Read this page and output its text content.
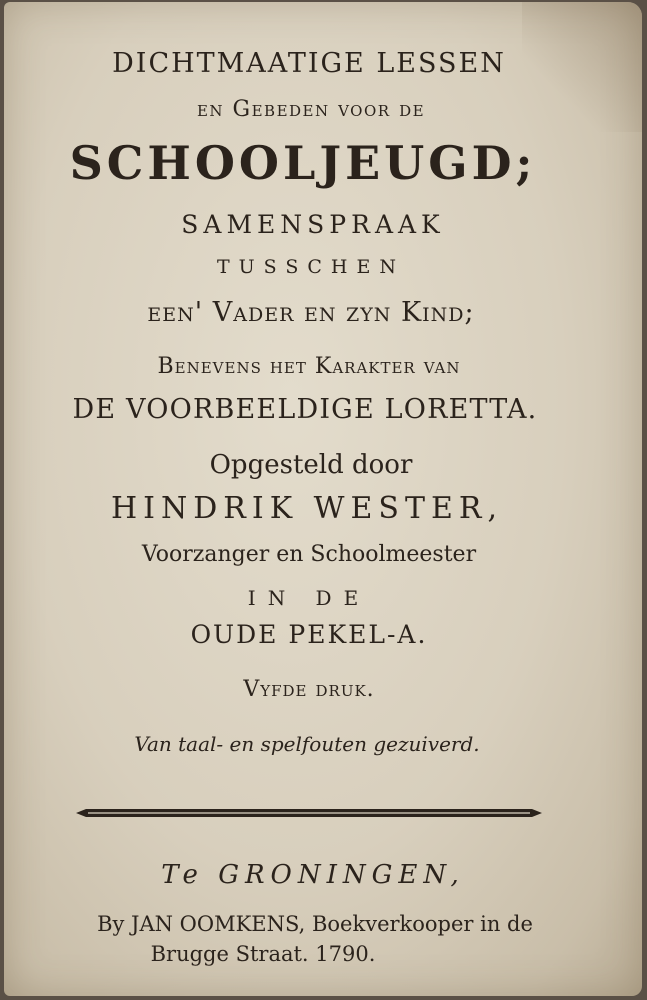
DICHTMAATIGE LESSEN
en Gebeden voor de
SCHOOLJEUGD;
SAMENSPRAAK
TUSSCHEN
een' Vader en zyn Kind;
Benevens het Karakter van
DE VOORBEELDIGE LORETTA.
Opgesteld door
HINDRIK WESTER,
Voorzanger en Schoolmeester
IN DE
OUDE PEKEL-A.
Vyfde druk.
Van taal- en spelfouten gezuiverd.
Te GRONINGEN,
By JAN OOMKENS, Boekverkooper in de
Brugge Straat. 1790.
